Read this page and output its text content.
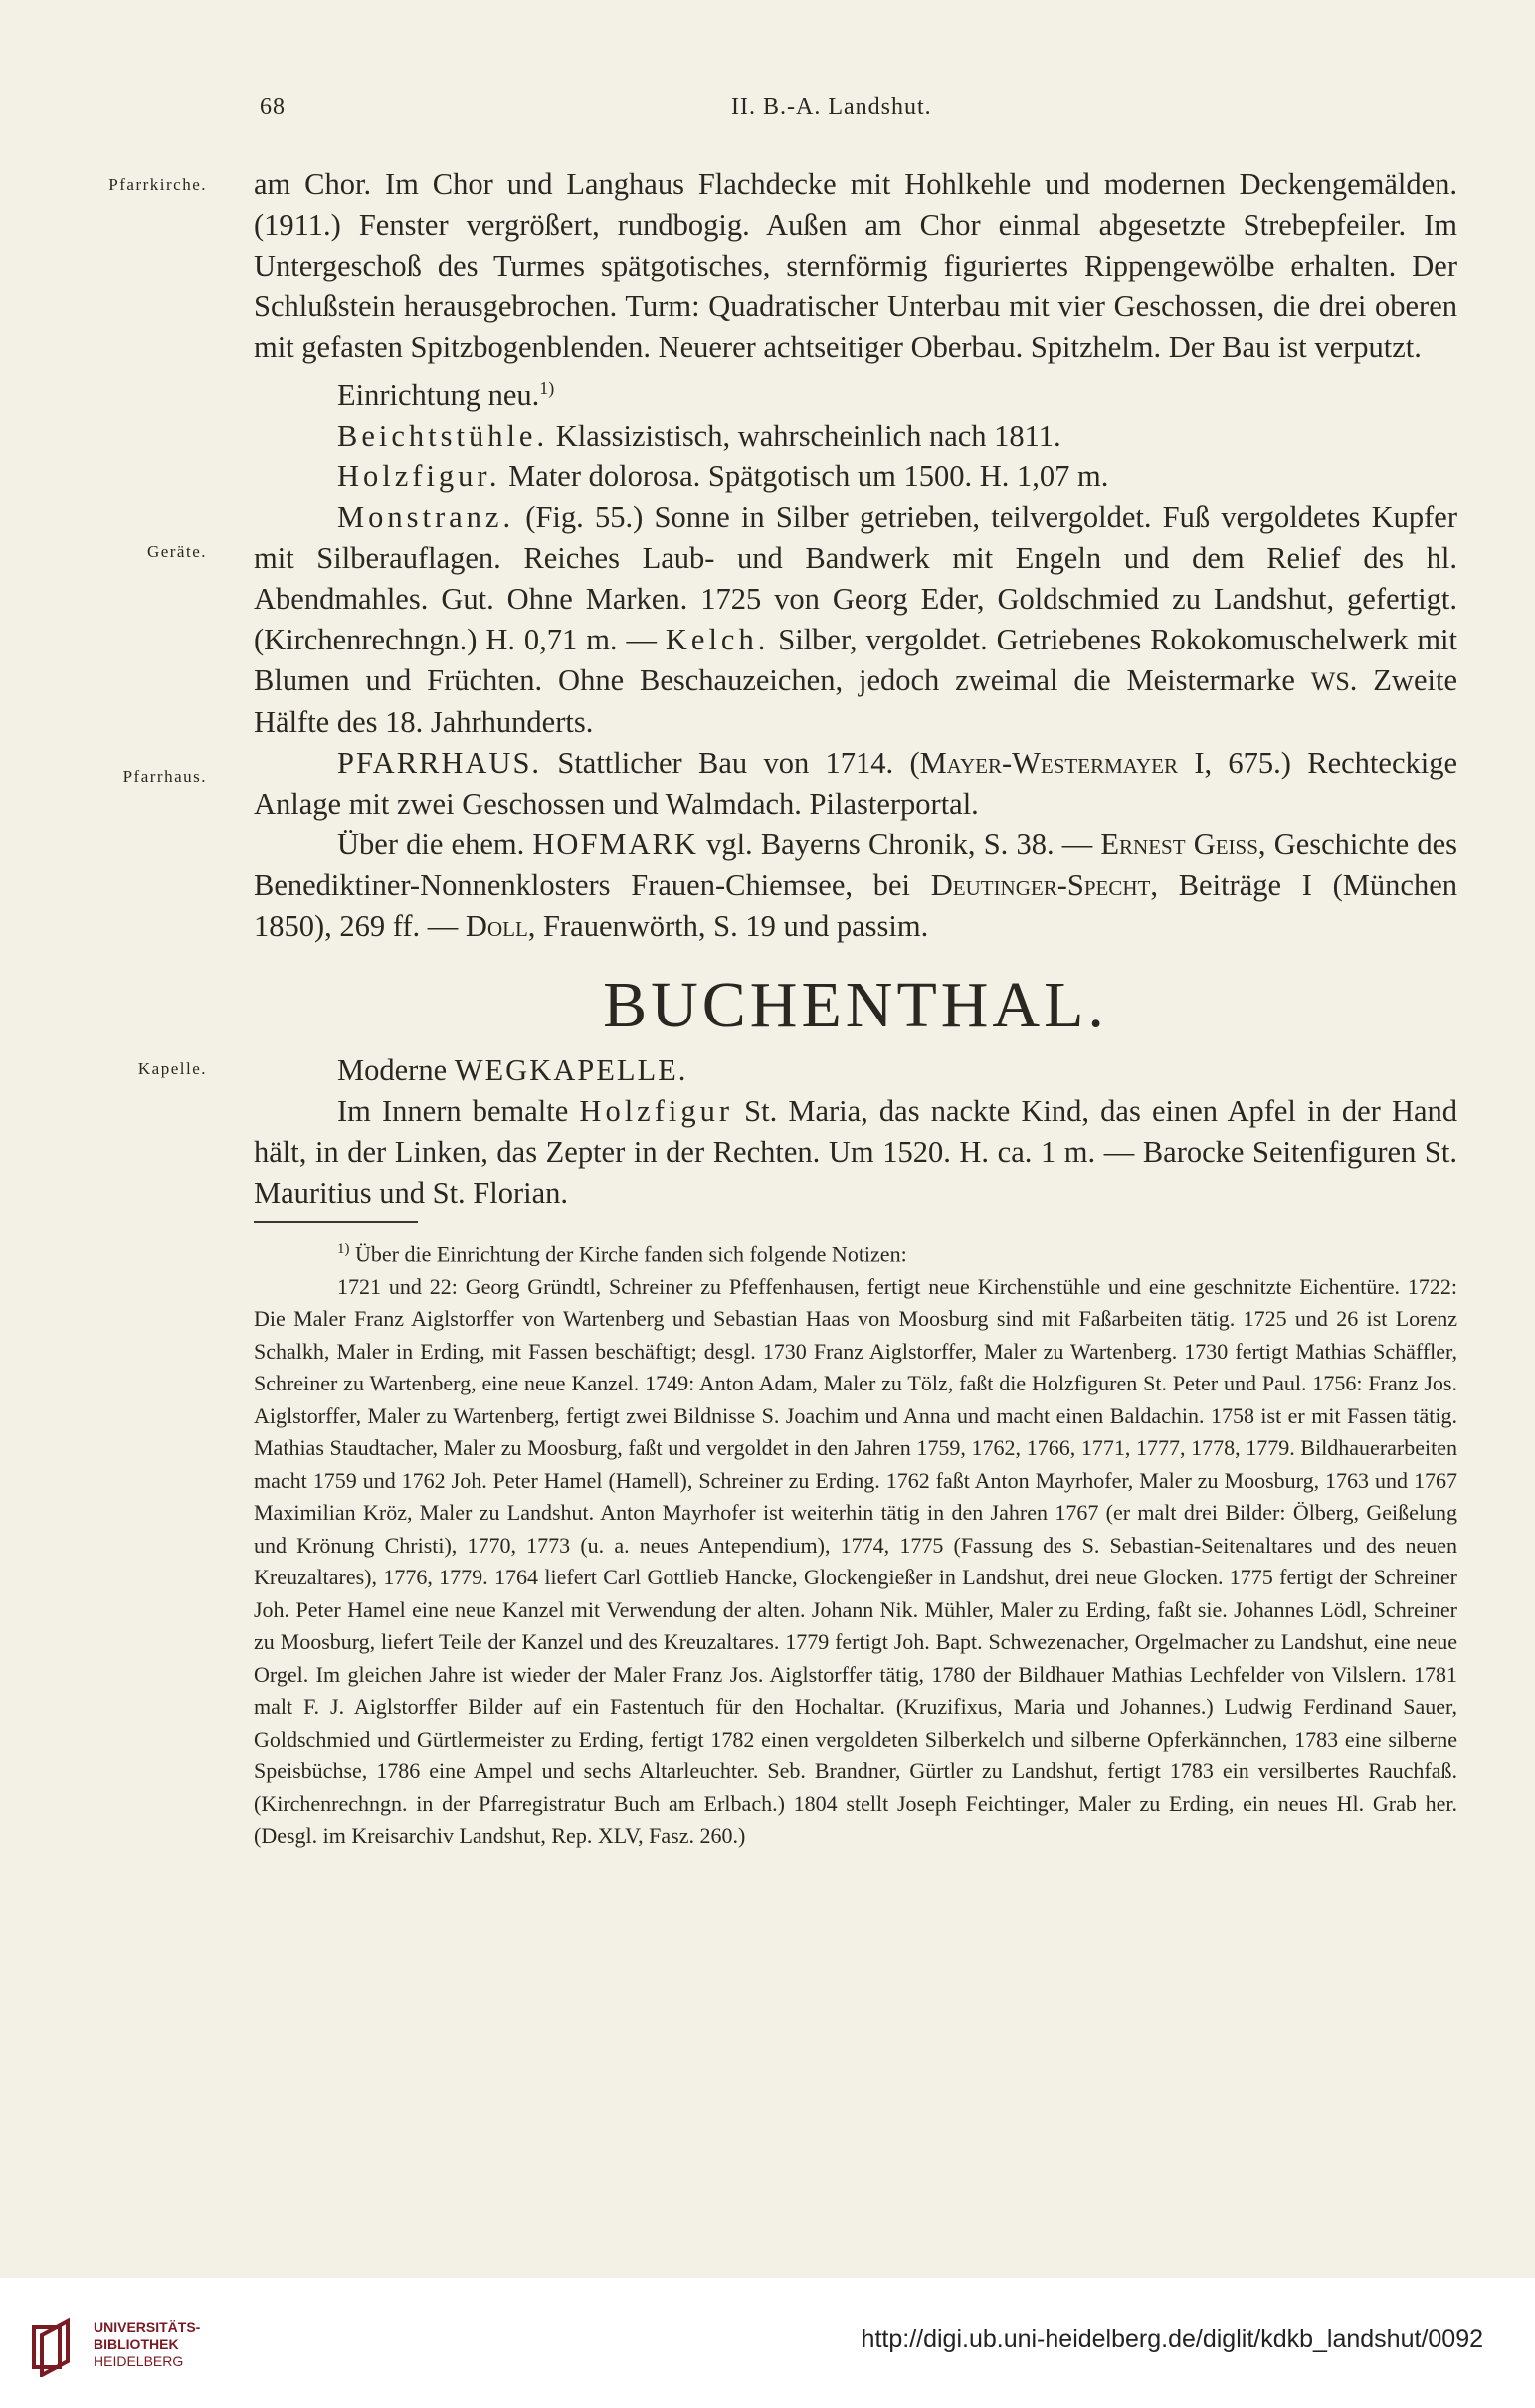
68	II. B.-A. Landshut.
Pfarrkirche.
Geräte.
Pfarrhaus.
Kapelle.

am Chor. Im Chor und Langhaus Flachdecke mit Hohlkehle und modernen Deckengemälden. (1911.) Fenster vergrößert, rundbogig. Außen am Chor einmal abgesetzte Strebepfeiler. Im Untergeschoß des Turmes spätgotisches, sternförmig figuriertes Rippengewölbe erhalten. Der Schlußstein herausgebrochen. Turm: Quadratischer Unterbau mit vier Geschossen, die drei oberen mit gefasten Spitzbogenblenden. Neuerer achtseitiger Oberbau. Spitzhelm. Der Bau ist verputzt.

Einrichtung neu.$^{1)}$

Beichtstühle. Klassizistisch, wahrscheinlich nach 1811.

Holzfigur. Mater dolorosa. Spätgotisch um 1500. H. 1,07 m.

Monstranz. (Fig. 55.) Sonne in Silber getrieben, teilvergoldet. Fuß vergoldetes Kupfer mit Silberauflagen. Reiches Laub- und Bandwerk mit Engeln und dem Relief des hl. Abendmahles. Gut. Ohne Marken. 1725 von Georg Eder, Goldschmied zu Landshut, gefertigt. (Kirchenrechngn.) H. 0,71 m. — Kelch. Silber, vergoldet. Getriebenes Rokokomuschelwerk mit Blumen und Früchten. Ohne Beschauzeichen, jedoch zweimal die Meistermarke WS. Zweite Hälfte des 18. Jahrhunderts.

PFARRHAUS. Stattlicher Bau von 1714. (Mayer-Westermayer I, 675.) Rechteckige Anlage mit zwei Geschossen und Walmdach. Pilasterportal.

Über die ehem. HOFMARK vgl. Bayerns Chronik, S. 38. — Ernest Geiss, Geschichte des Benediktiner-Nonnenklosters Frauen-Chiemsee, bei Deutinger-Specht, Beiträge I (München 1850), 269 ff. — Doll, Frauenwörth, S. 19 und passim.

BUCHENTHAL.

Moderne WEGKAPELLE.

Im Innern bemalte Holzfigur St. Maria, das nackte Kind, das einen Apfel in der Hand hält, in der Linken, das Zepter in der Rechten. Um 1520. H. ca. 1 m. — Barocke Seitenfiguren St. Mauritius und St. Florian.

$^{1)}$ Über die Einrichtung der Kirche fanden sich folgende Notizen:

1721 und 22: Georg Gründtl, Schreiner zu Pfeffenhausen, fertigt neue Kirchenstühle und eine geschnitzte Eichentüre. 1722: Die Maler Franz Aiglstorffer von Wartenberg und Sebastian Haas von Moosburg sind mit Faßarbeiten tätig. 1725 und 26 ist Lorenz Schalkh, Maler in Erding, mit Fassen beschäftigt; desgl. 1730 Franz Aiglstorffer, Maler zu Wartenberg. 1730 fertigt Mathias Schäffler, Schreiner zu Wartenberg, eine neue Kanzel. 1749: Anton Adam, Maler zu Tölz, faßt die Holzfiguren St. Peter und Paul. 1756: Franz Jos. Aiglstorffer, Maler zu Wartenberg, fertigt zwei Bildnisse S. Joachim und Anna und macht einen Baldachin. 1758 ist er mit Fassen tätig. Mathias Staudtacher, Maler zu Moosburg, faßt und vergoldet in den Jahren 1759, 1762, 1766, 1771, 1777, 1778, 1779. Bildhauerarbeiten macht 1759 und 1762 Joh. Peter Hamel (Hamell), Schreiner zu Erding. 1762 faßt Anton Mayrhofer, Maler zu Moosburg, 1763 und 1767 Maximilian Kröz, Maler zu Landshut. Anton Mayrhofer ist weiterhin tätig in den Jahren 1767 (er malt drei Bilder: Ölberg, Geißelung und Krönung Christi), 1770, 1773 (u. a. neues Antependium), 1774, 1775 (Fassung des S. Sebastian-Seitenaltares und des neuen Kreuzaltares), 1776, 1779. 1764 liefert Carl Gottlieb Hancke, Glockengießer in Landshut, drei neue Glocken. 1775 fertigt der Schreiner Joh. Peter Hamel eine neue Kanzel mit Verwendung der alten. Johann Nik. Mühler, Maler zu Erding, faßt sie. Johannes Lödl, Schreiner zu Moosburg, liefert Teile der Kanzel und des Kreuzaltares. 1779 fertigt Joh. Bapt. Schwezenacher, Orgelmacher zu Landshut, eine neue Orgel. Im gleichen Jahre ist wieder der Maler Franz Jos. Aiglstorffer tätig, 1780 der Bildhauer Mathias Lechfelder von Vilslern. 1781 malt F. J. Aiglstorffer Bilder auf ein Fastentuch für den Hochaltar. (Kruzifixus, Maria und Johannes.) Ludwig Ferdinand Sauer, Goldschmied und Gürtlermeister zu Erding, fertigt 1782 einen vergoldeten Silberkelch und silberne Opferkännchen, 1783 eine silberne Speisbüchse, 1786 eine Ampel und sechs Altarleuchter. Seb. Brandner, Gürtler zu Landshut, fertigt 1783 ein versilbertes Rauchfaß. (Kirchenrechngn. in der Pfarregistratur Buch am Erlbach.) 1804 stellt Joseph Feichtinger, Maler zu Erding, ein neues Hl. Grab her. (Desgl. im Kreisarchiv Landshut, Rep. XLV, Fasz. 260.)

UNIVERSITÄTS-
BIBLIOTHEK
HEIDELBERG
http://digi.ub.uni-heidelberg.de/diglit/kdkb_landshut/0092
